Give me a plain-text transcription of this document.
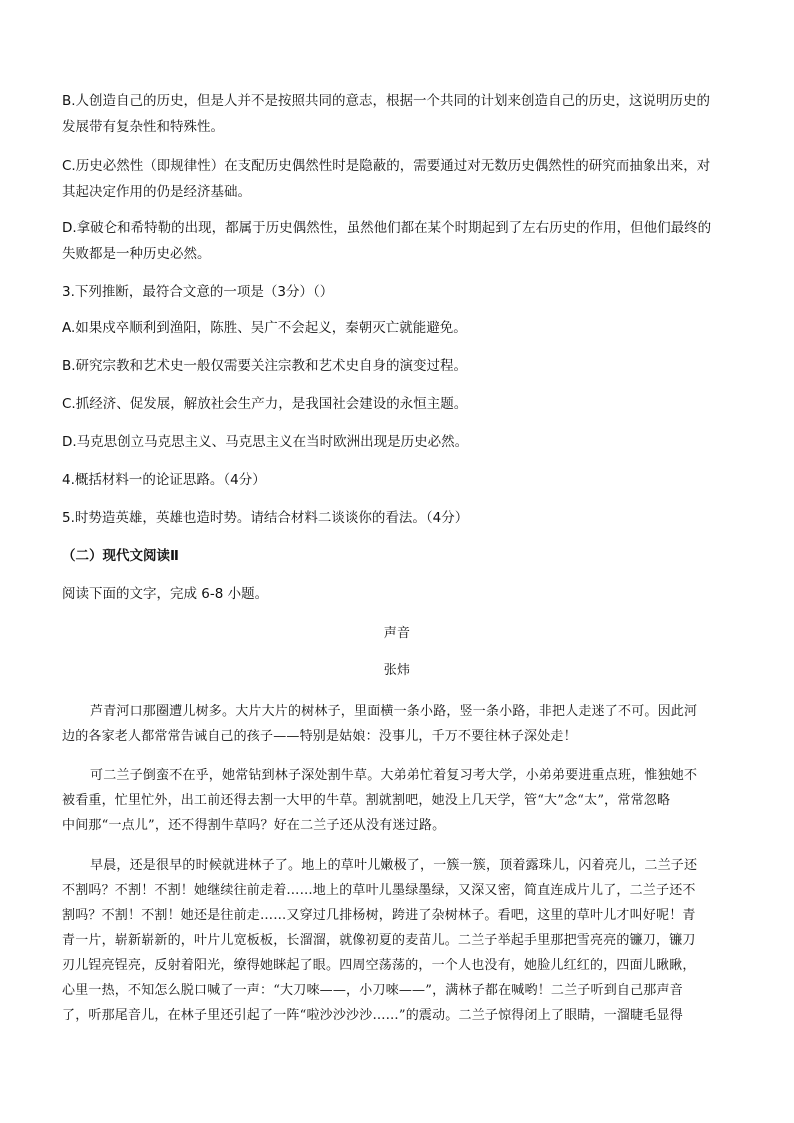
B.人创造自己的历史，但是人并不是按照共同的意志，根据一个共同的计划来创造自己的历史，这说明历史的
发展带有复杂性和特殊性。
C.历史必然性（即规律性）在支配历史偶然性时是隐蔽的，需要通过对无数历史偶然性的研究而抽象出来，对
其起决定作用的仍是经济基础。
D.拿破仑和希特勒的出现，都属于历史偶然性，虽然他们都在某个时期起到了左右历史的作用，但他们最终的
失败都是一种历史必然。
3.下列推断，最符合文意的一项是（3分）（）
A.如果戍卒顺利到渔阳，陈胜、吴广不会起义，秦朝灭亡就能避免。
B.研究宗教和艺术史一般仅需要关注宗教和艺术史自身的演变过程。
C.抓经济、促发展，解放社会生产力，是我国社会建设的永恒主题。
D.马克思创立马克思主义、马克思主义在当时欧洲出现是历史必然。
4.概括材料一的论证思路。（4分）
5.时势造英雄，英雄也造时势。请结合材料二谈谈你的看法。（4分）
（二）现代文阅读Ⅱ
阅读下面的文字，完成 6-8 小题。
声音
张炜
芦青河口那圈遭儿树多。大片大片的树林子，里面横一条小路，竖一条小路，非把人走迷了不可。因此河
边的各家老人都常常告诫自己的孩子——特别是姑娘：没事儿，千万不要往林子深处走！
可二兰子倒蛮不在乎，她常钻到林子深处割牛草。大弟弟忙着复习考大学，小弟弟要进重点班，惟独她不
被看重，忙里忙外，出工前还得去割一大甲的牛草。割就割吧，她没上几天学，管“大”念“太”，常常忽略
中间那“一点儿”，还不得割牛草吗？好在二兰子还从没有迷过路。
早晨，还是很早的时候就进林子了。地上的草叶儿嫩极了，一簇一簇，顶着露珠儿，闪着亮儿，二兰子还
不割吗？不割！不割！她继续往前走着……地上的草叶儿墨绿墨绿，又深又密，简直连成片儿了，二兰子还不
割吗？不割！不割！她还是往前走……又穿过几排杨树，跨进了杂树林子。看吧，这里的草叶儿才叫好呢！青
青一片，崭新崭新的，叶片儿宽板板，长溜溜，就像初夏的麦苗儿。二兰子举起手里那把雪亮亮的镰刀，镰刀
刃儿锃亮锃亮，反射着阳光，缭得她眯起了眼。四周空荡荡的，一个人也没有，她脸儿红红的，四面儿瞅瞅，
心里一热，不知怎么脱口喊了一声：“大刀唻——，小刀唻——”，满林子都在喊哟！二兰子听到自己那声音
了，听那尾音儿，在林子里还引起了一阵“啦沙沙沙沙……”的震动。二兰子惊得闭上了眼睛，一溜睫毛显得
